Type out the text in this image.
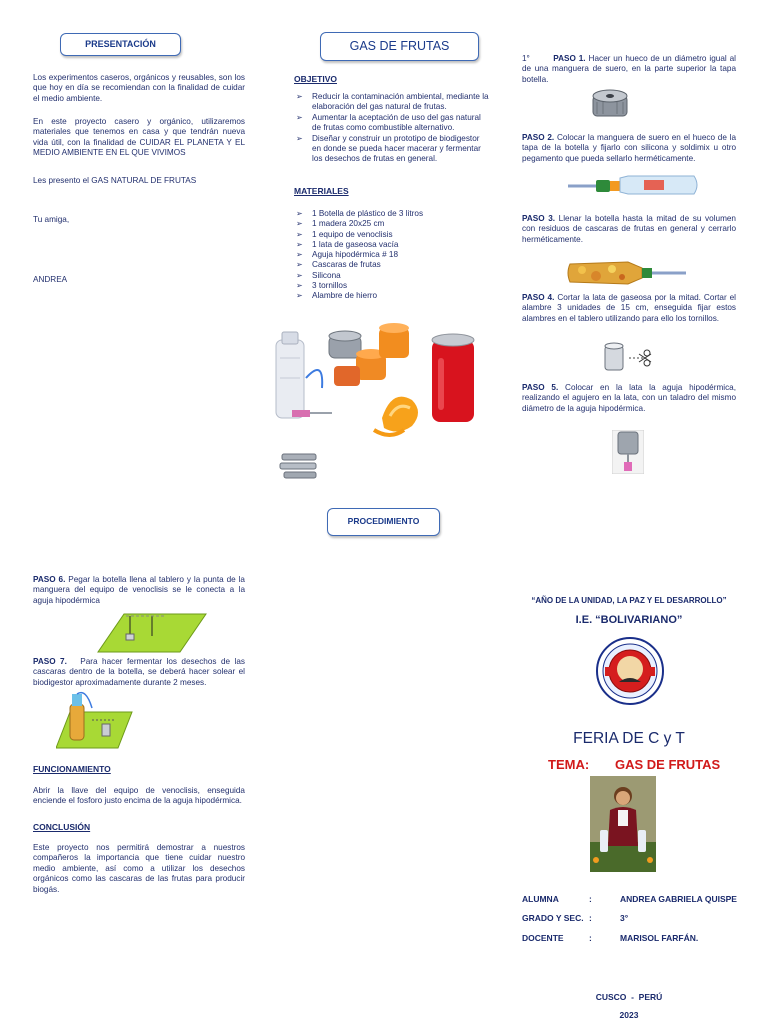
PRESENTACIÓN

Los experimentos caseros, orgánicos y reusables, son los que hoy en día se recomiendan con la finalidad de cuidar el medio ambiente.

En este proyecto casero y orgánico, utilizaremos materiales que tenemos en casa y que tendrán nueva vida útil, con la finalidad de CUIDAR EL PLANETA Y EL MEDIO AMBIENTE EN EL QUE VIVIMOS

Les presento el GAS NATURAL DE FRUTAS

Tu amiga,

ANDREA

GAS DE FRUTAS
OBJETIVO
➢ Reducir la contaminación ambiental, mediante la elaboración del gas natural de frutas.
➢ Aumentar la aceptación de uso del gas natural de frutas como combustible alternativo.
➢ Diseñar y construir un prototipo de biodigestor en donde se pueda hacer macerar y fermentar los desechos de frutas en general.
MATERIALES
➢ 1 Botella de plástico de 3 litros
➢ 1 madera 20x25 cm
➢ 1 equipo de venoclisis
➢ 1 lata de gaseosa vacía
➢ Aguja hipodérmica # 18
➢ Cascaras de frutas
➢ Silicona
➢ 3 tornillos
➢ Alambre de hierro
PROCEDIMIENTO
1°	PASO 1. Hacer un hueco de un diámetro igual al de una manguera de suero, en la parte superior la tapa botella.
PASO 2. Colocar la manguera de suero en el hueco de la tapa de la botella y fijarlo con silicona y soldimix u otro pegamento que pueda sellarlo herméticamente.
PASO 3. Llenar la botella hasta la mitad de su volumen con residuos de cascaras de frutas en general y cerrarlo herméticamente.
PASO 4. Cortar la lata de gaseosa por la mitad. Cortar el alambre 3 unidades de 15 cm, enseguida fijar estos alambres en el tablero utilizando para ello los tornillos.
PASO 5. Colocar en la lata la aguja hipodérmica, realizando el agujero en la lata, con un taladro del mismo diámetro de la aguja hipodérmica.
PASO 6. Pegar la botella llena al tablero y la punta de la manguera del equipo de venoclisis se le conecta a la aguja hipodérmica
PASO 7. Para hacer fermentar los desechos de las cascaras dentro de la botella, se deberá hacer solear el biodigestor aproximadamente durante 2 meses.
FUNCIONAMIENTO

Abrir la llave del equipo de venoclisis, enseguida enciende el fosforo justo encima de la aguja hipodérmica.

CONCLUSIÓN

Este proyecto nos permitirá demostrar a nuestros compañeros la importancia que tiene cuidar nuestro medio ambiente, así como a utilizar los desechos orgánicos como las cascaras de las frutas para producir biogás.

“AÑO DE LA UNIDAD, LA PAZ Y EL DESARROLLO”
I.E. “BOLIVARIANO”
FERIA DE C y T
TEMA: GAS DE FRUTAS
ALUMNA	:	ANDREA GABRIELA QUISPE
GRADO Y SEC. :	3°
DOCENTE	:	MARISOL FARFÁN.
CUSCO  -  PERÚ
2023
